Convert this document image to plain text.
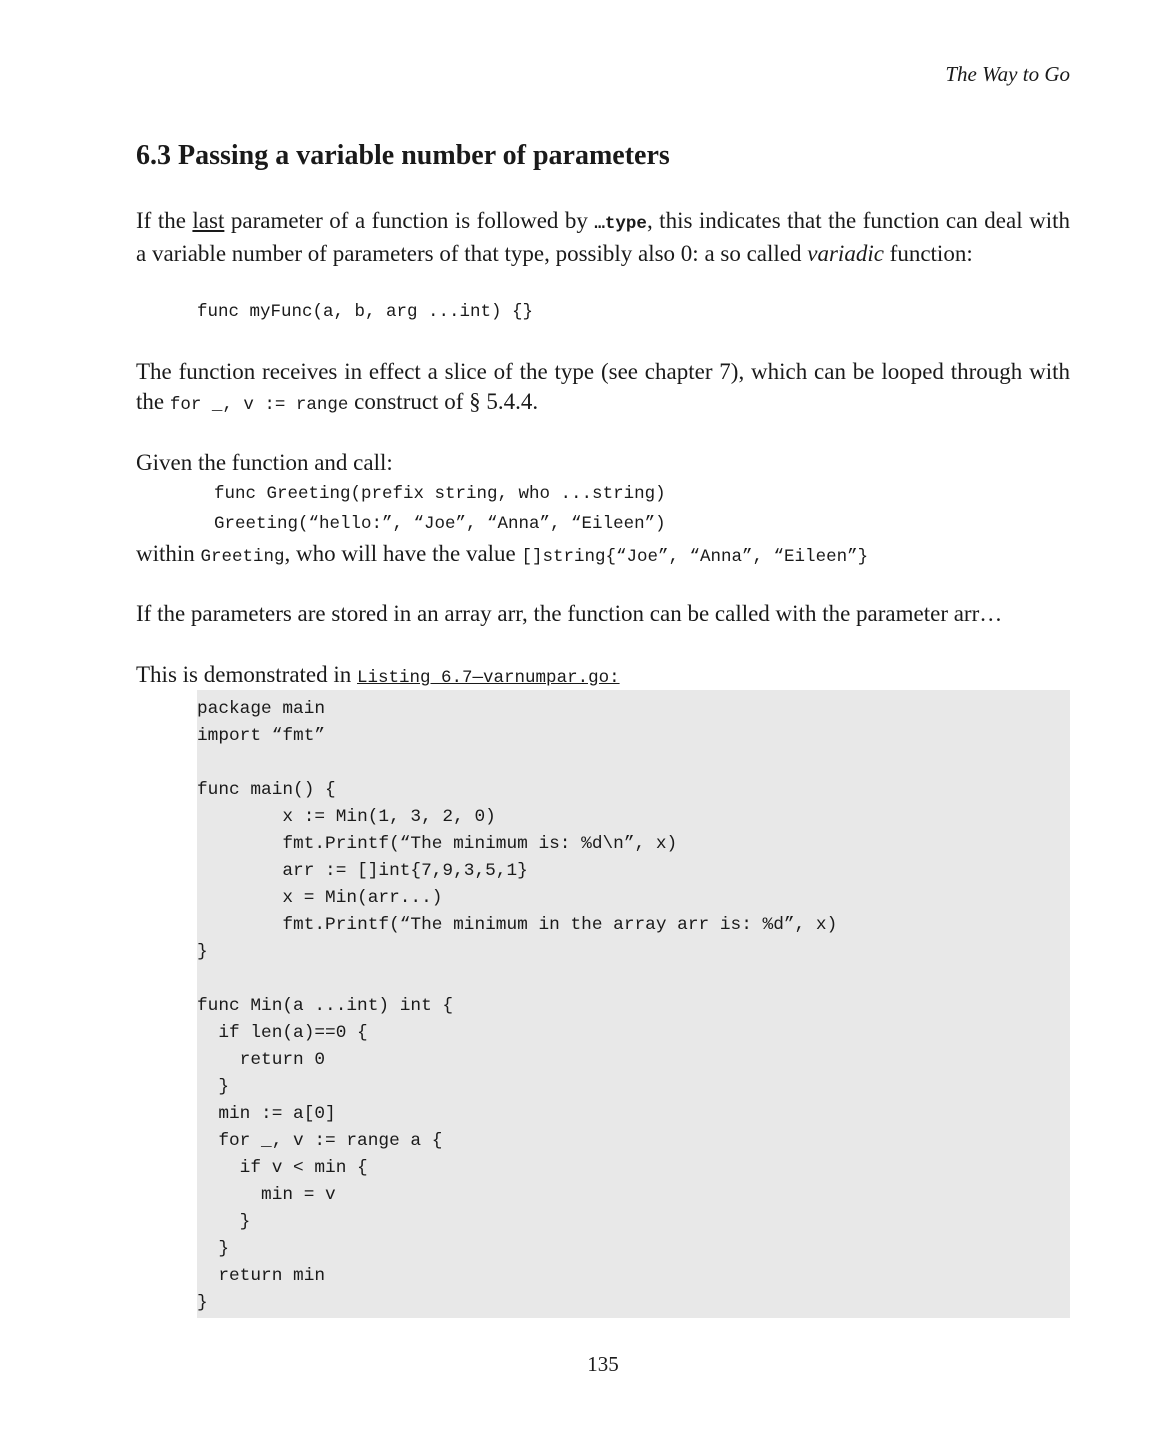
The Way to Go
6.3 Passing a variable number of parameters
If the last parameter of a function is followed by …type, this indicates that the function can deal with a variable number of parameters of that type, possibly also 0: a so called variadic function:
func myFunc(a, b, arg ...int) {}
The function receives in effect a slice of the type (see chapter 7), which can be looped through with the for _, v := range construct of § 5.4.4.
Given the function and call:
func Greeting(prefix string, who ...string)
Greeting(“hello:”, “Joe”, “Anna”, “Eileen”)
within Greeting, who will have the value []string{“Joe”, “Anna”, “Eileen”}
If the parameters are stored in an array arr, the function can be called with the parameter arr…
This is demonstrated in Listing 6.7—varnumpar.go:
package main
import “fmt”

func main() {
	x := Min(1, 3, 2, 0)
	fmt.Printf(“The minimum is: %d\n”, x)
	arr := []int{7,9,3,5,1}
	x = Min(arr...)
	fmt.Printf(“The minimum in the array arr is: %d”, x)
}

func Min(a ...int) int {
if len(a)==0 {
return 0
}
min := a[0]
for _, v := range a {
if v < min {
min = v
}
}
return min
}
135
